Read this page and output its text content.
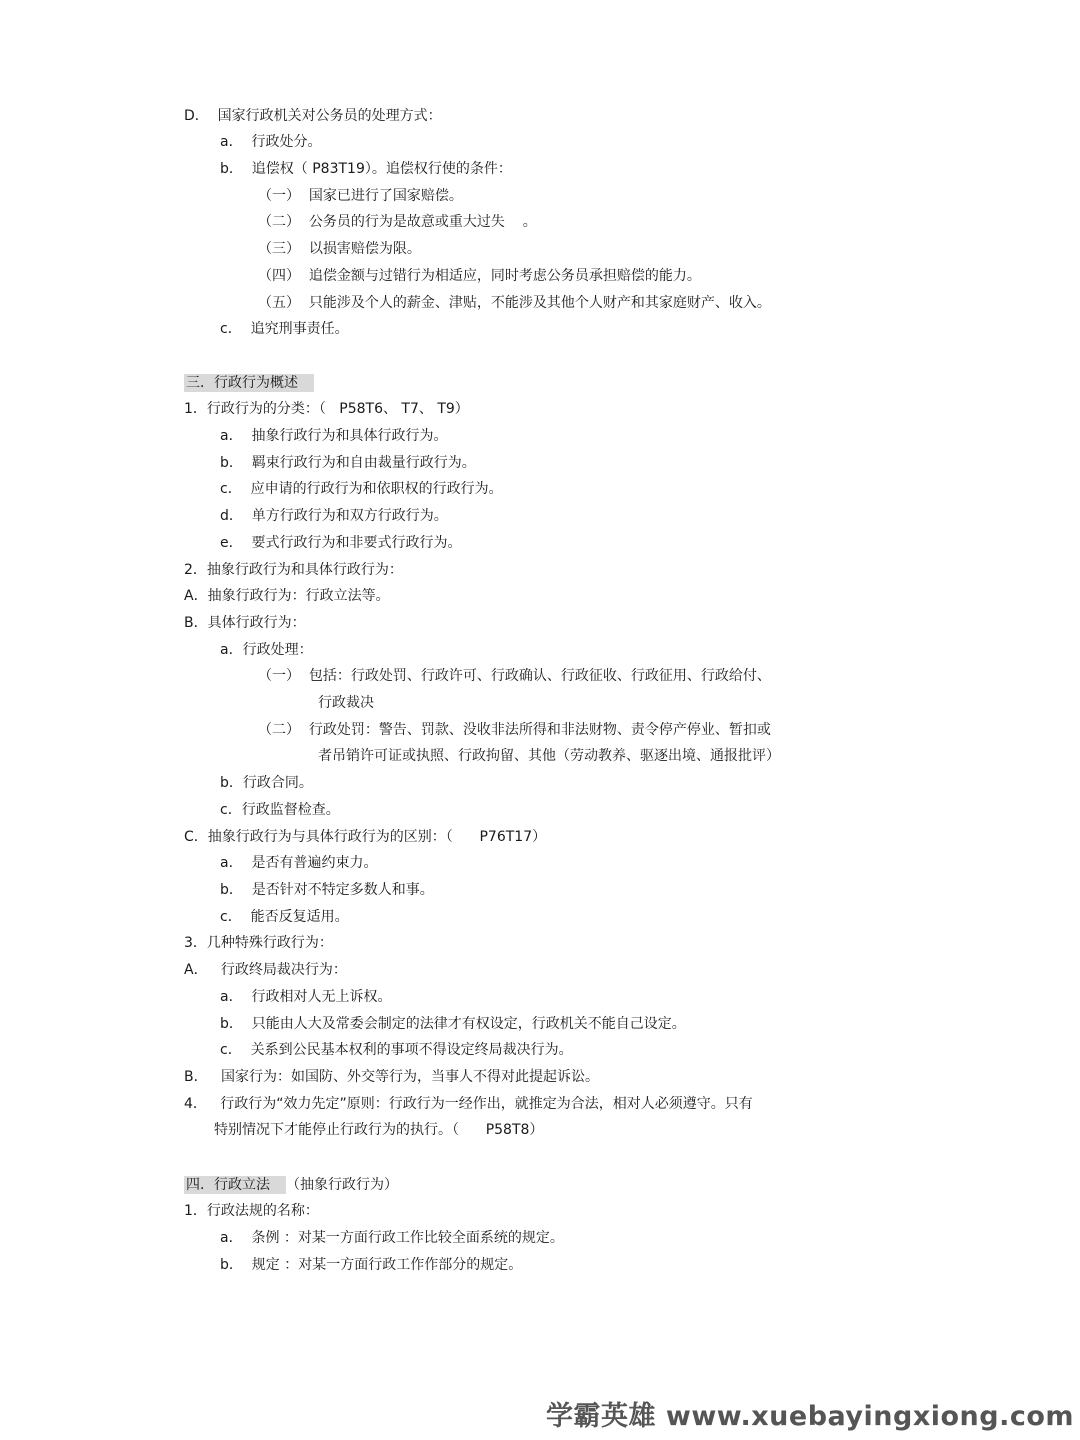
D．  国家行政机关对公务员的处理方式：
a．  行政处分。
b．  追偿权（ P83T19）。追偿权行使的条件：
（一）  国家已进行了国家赔偿。
（二）  公务员的行为是故意或重大过失    。
（三）  以损害赔偿为限。
（四）  追偿金额与过错行为相适应，同时考虑公务员承担赔偿的能力。
（五）  只能涉及个人的薪金、津贴，不能涉及其他个人财产和其家庭财产、收入。
c．  追究刑事责任。
三．行政行为概述
1．行政行为的分类：（   P58T6、 T7、 T9）
a．  抽象行政行为和具体行政行为。
b．  羁束行政行为和自由裁量行政行为。
c．  应申请的行政行为和依职权的行政行为。
d．  单方行政行为和双方行政行为。
e．  要式行政行为和非要式行政行为。
2．抽象行政行为和具体行政行为：
A．抽象行政行为：行政立法等。
B．具体行政行为：
a．行政处理：
（一）  包括：行政处罚、行政许可、行政确认、行政征收、行政征用、行政给付、
行政裁决
（二）  行政处罚：警告、罚款、没收非法所得和非法财物、责令停产停业、暂扣或
者吊销许可证或执照、行政拘留、其他（劳动教养、驱逐出境、通报批评）
b．行政合同。
c．行政监督检查。
C．抽象行政行为与具体行政行为的区别：（      P76T17）
a．  是否有普遍约束力。
b．  是否针对不特定多数人和事。
c．  能否反复适用。
3．几种特殊行政行为：
A．   行政终局裁决行为：
a．  行政相对人无上诉权。
b．  只能由人大及常委会制定的法律才有权设定，行政机关不能自己设定。
c．  关系到公民基本权利的事项不得设定终局裁决行为。
B．   国家行为：如国防、外交等行为，当事人不得对此提起诉讼。
4．   行政行为“效力先定”原则：行政行为一经作出，就推定为合法，相对人必须遵守。只有
特别情况下才能停止行政行为的执行。（      P58T8）
四．行政立法 （抽象行政行为）
1．行政法规的名称：
a．  条例 ：对某一方面行政工作比较全面系统的规定。
b．  规定 ：对某一方面行政工作作部分的规定。
学霸英雄 www.xuebayingxiong.com
